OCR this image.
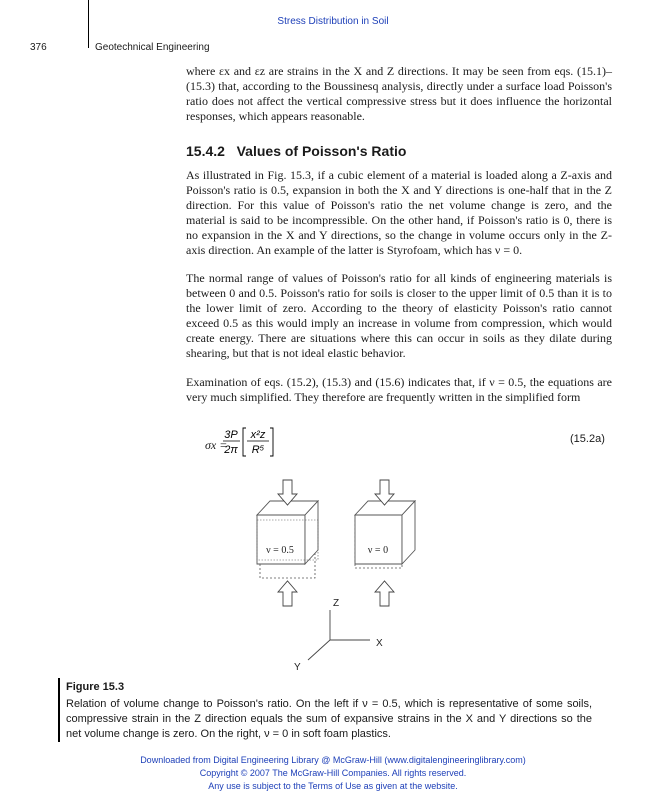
Stress Distribution in Soil
376	Geotechnical Engineering
where εx and εz are strains in the X and Z directions. It may be seen from eqs. (15.1)–(15.3) that, according to the Boussinesq analysis, directly under a surface load Poisson's ratio does not affect the vertical compressive stress but it does influence the horizontal responses, which appears reasonable.
15.4.2 Values of Poisson's Ratio
As illustrated in Fig. 15.3, if a cubic element of a material is loaded along a Z-axis and Poisson's ratio is 0.5, expansion in both the X and Y directions is one-half that in the Z direction. For this value of Poisson's ratio the net volume change is zero, and the material is said to be incompressible. On the other hand, if Poisson's ratio is 0, there is no expansion in the X and Y directions, so the change in volume occurs only in the Z-axis direction. An example of the latter is Styrofoam, which has ν = 0.
The normal range of values of Poisson's ratio for all kinds of engineering materials is between 0 and 0.5. Poisson's ratio for soils is closer to the upper limit of 0.5 than it is to the lower limit of zero. According to the theory of elasticity Poisson's ratio cannot exceed 0.5 as this would imply an increase in volume from compression, which would create energy. There are situations where this can occur in soils as they dilate during shearing, but that is not ideal elastic behavior.
Examination of eqs. (15.2), (15.3) and (15.6) indicates that, if ν = 0.5, the equations are very much simplified. They therefore are frequently written in the simplified form
σx =
3P
2π
x²z
R⁵
(15.2a)
ν = 0.5	ν = 0
Z
X
Y
Figure 15.3
Relation of volume change to Poisson's ratio. On the left if ν = 0.5, which is representative of some soils, compressive strain in the Z direction equals the sum of expansive strains in the X and Y directions so the net volume change is zero. On the right, ν = 0 in soft foam plastics.
Downloaded from Digital Engineering Library @ McGraw-Hill (www.digitalengineeringlibrary.com)
Copyright © 2007 The McGraw-Hill Companies. All rights reserved.
Any use is subject to the Terms of Use as given at the website.
